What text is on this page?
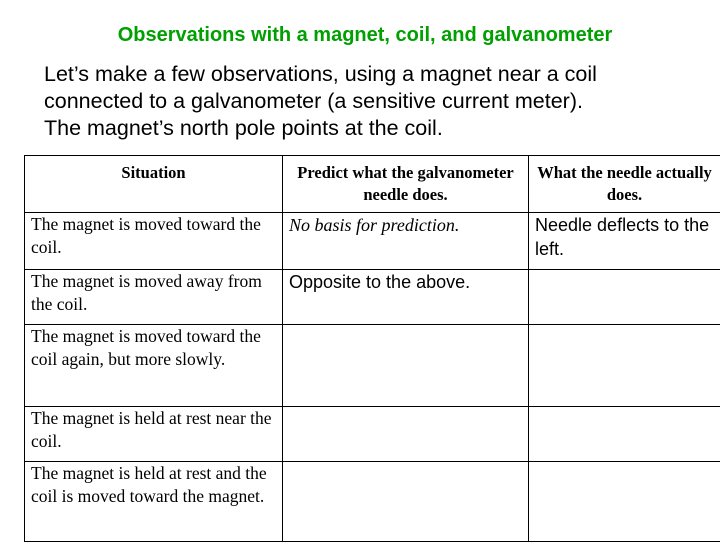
Observations with a magnet, coil, and galvanometer
Let’s make a few observations, using a magnet near a coil
connected to a galvanometer (a sensitive current meter).
The magnet’s north pole points at the coil.
Situation	Predict what the galvanometer needle does.	What the needle actually does.
The magnet is moved toward the coil.	No basis for prediction.	Needle deflects to the left.
The magnet is moved away from the coil.	Opposite to the above.	
The magnet is moved toward the coil again, but more slowly.		
The magnet is held at rest near the coil.		
The magnet is held at rest and the coil is moved toward the magnet.		
